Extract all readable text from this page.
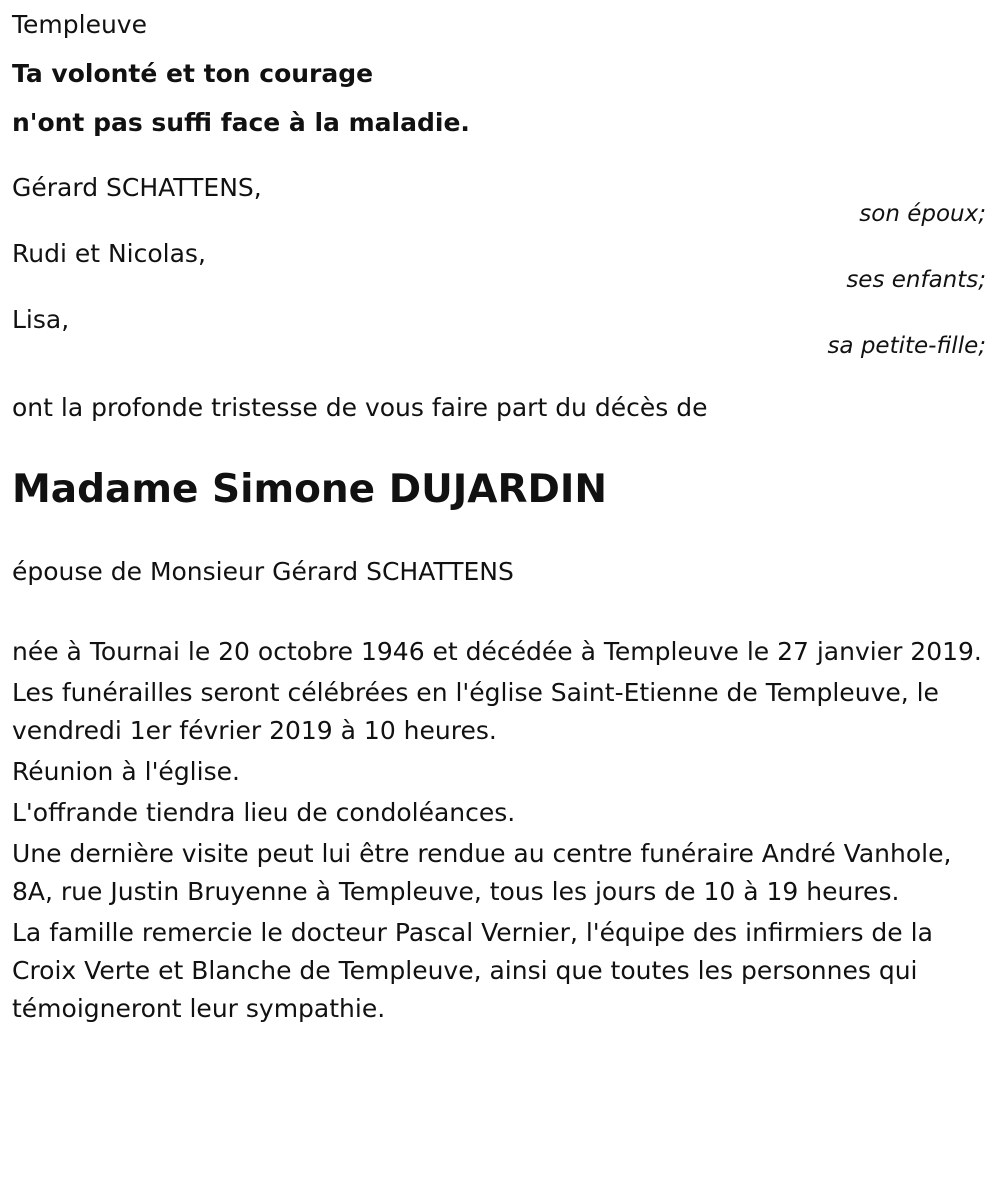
Templeuve

Ta volonté et ton courage

n'ont pas suffi face à la maladie.

Gérard SCHATTENS,

son époux;

Rudi et Nicolas,

ses enfants;

Lisa,

sa petite-fille;

ont la profonde tristesse de vous faire part du décès de

Madame Simone DUJARDIN

épouse de Monsieur Gérard SCHATTENS

née à Tournai le 20 octobre 1946 et décédée à Templeuve le 27 janvier 2019.

Les funérailles seront célébrées en l'église Saint-Etienne de Templeuve, le vendredi 1er février 2019 à 10 heures.

Réunion à l'église.

L'offrande tiendra lieu de condoléances.

Une dernière visite peut lui être rendue au centre funéraire André Vanhole, 8A, rue Justin Bruyenne à Templeuve, tous les jours de 10 à 19 heures.

La famille remercie le docteur Pascal Vernier, l'équipe des infirmiers de la Croix Verte et Blanche de Templeuve, ainsi que toutes les personnes qui témoigneront leur sympathie.
